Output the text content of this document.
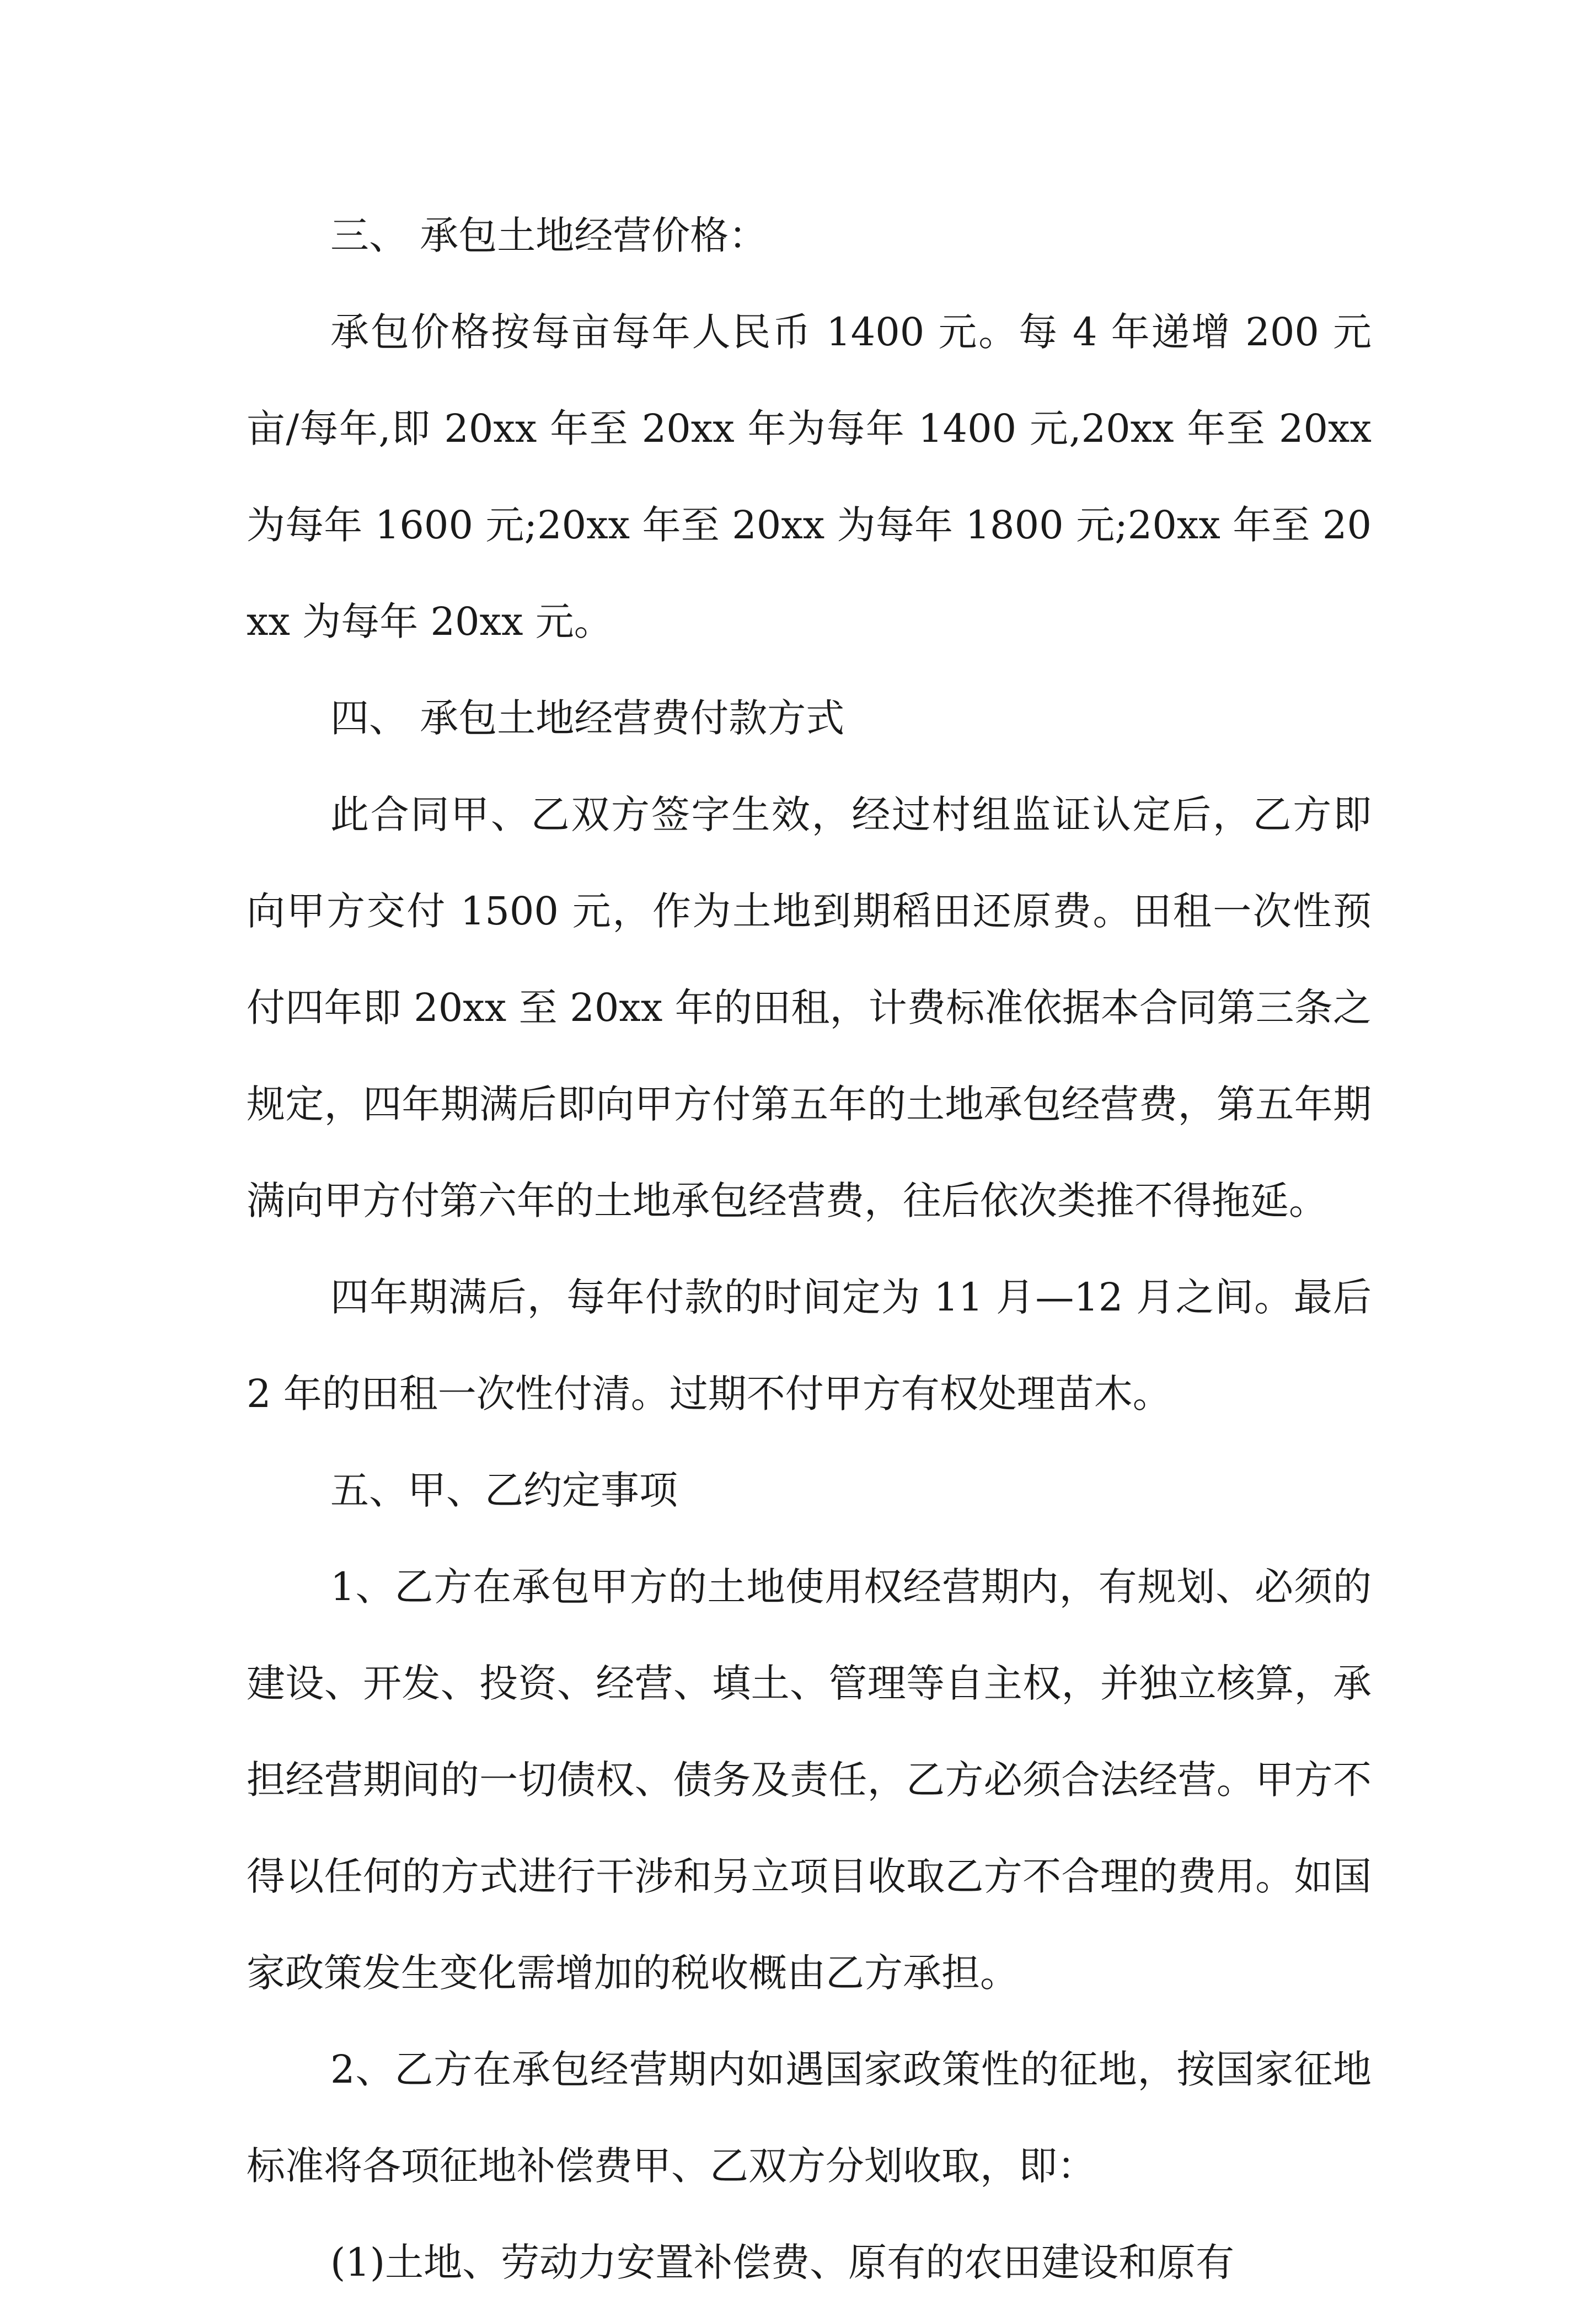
三、 承包土地经营价格：

承包价格按每亩每年人民币 1400 元。每 4 年递增 200 元亩/每年,即 20xx 年至 20xx 年为每年 1400 元,20xx 年至 20xx 为每年 1600 元;20xx 年至 20xx 为每年 1800 元;20xx 年至 20xx 为每年 20xx 元。

四、 承包土地经营费付款方式

此合同甲、乙双方签字生效，经过村组监证认定后，乙方即向甲方交付 1500 元，作为土地到期稻田还原费。田租一次性预付四年即 20xx 至 20xx 年的田租，计费标准依据本合同第三条之规定，四年期满后即向甲方付第五年的土地承包经营费，第五年期满向甲方付第六年的土地承包经营费，往后依次类推不得拖延。

四年期满后，每年付款的时间定为 11 月—12 月之间。最后 2 年的田租一次性付清。过期不付甲方有权处理苗木。

五、甲、乙约定事项

1、乙方在承包甲方的土地使用权经营期内，有规划、必须的建设、开发、投资、经营、填土、管理等自主权，并独立核算，承担经营期间的一切债权、债务及责任，乙方必须合法经营。甲方不得以任何的方式进行干涉和另立项目收取乙方不合理的费用。如国家政策发生变化需增加的税收概由乙方承担。

2、乙方在承包经营期内如遇国家政策性的征地，按国家征地标准将各项征地补偿费甲、乙双方分划收取，即：

(1)土地、劳动力安置补偿费、原有的农田建设和原有
